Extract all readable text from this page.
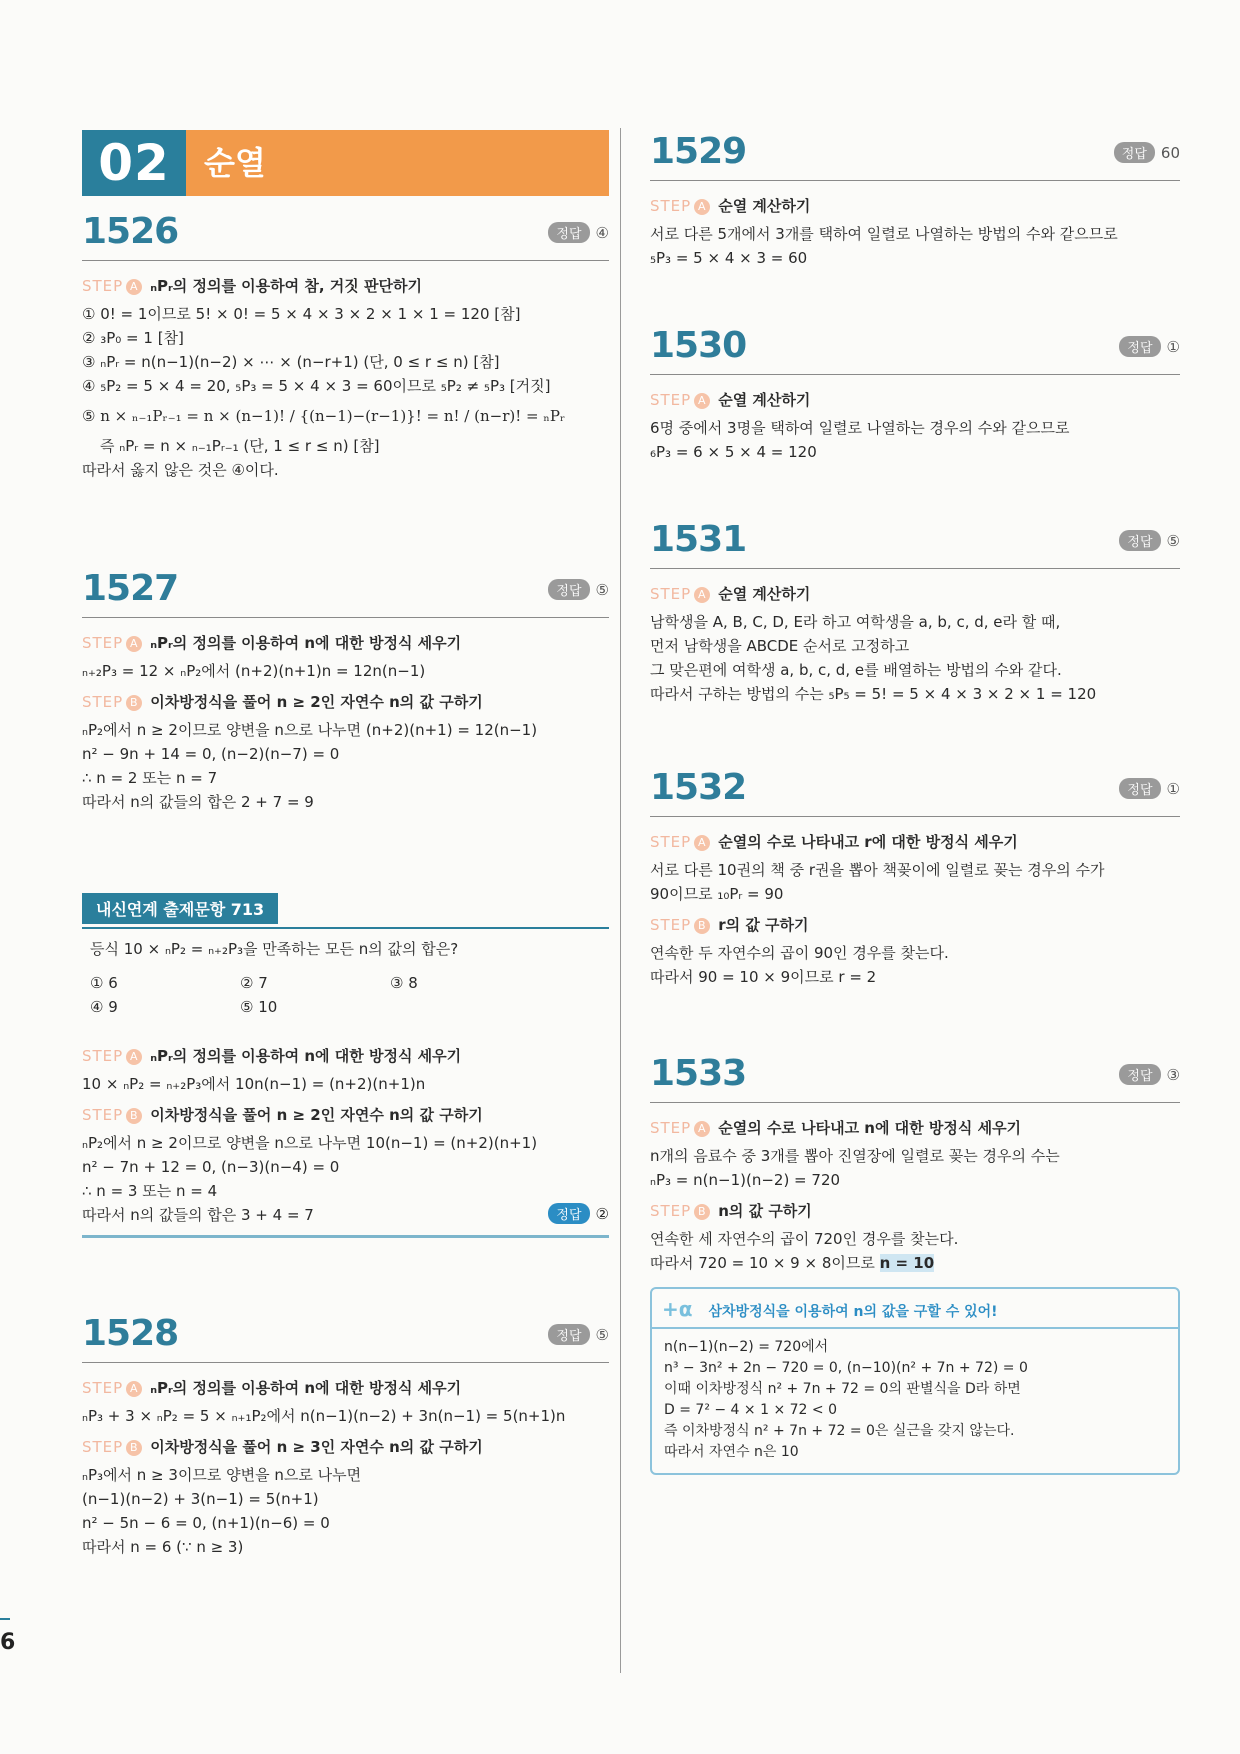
02	순열
1526	정답 ④
STEP A ₙPᵣ의 정의를 이용하여 참, 거짓 판단하기
① 0! = 1이므로 5! × 0! = 5 × 4 × 3 × 2 × 1 × 1 = 120 [참]
② ₃P₀ = 1 [참]
③ ₙPᵣ = n(n−1)(n−2) × ⋯ × (n−r+1) (단, 0 ≤ r ≤ n) [참]
④ ₅P₂ = 5 × 4 = 20, ₅P₃ = 5 × 4 × 3 = 60이므로 ₅P₂ ≠ ₅P₃ [거짓]
⑤ n × ₙ₋₁Pᵣ₋₁ = n × (n−1)! / {(n−1)−(r−1)}! = n! / (n−r)! = ₙPᵣ
즉 ₙPᵣ = n × ₙ₋₁Pᵣ₋₁ (단, 1 ≤ r ≤ n) [참]
따라서 옳지 않은 것은 ④이다.
1527	정답 ⑤
STEP A ₙPᵣ의 정의를 이용하여 n에 대한 방정식 세우기
ₙ₊₂P₃ = 12 × ₙP₂에서 (n+2)(n+1)n = 12n(n−1)
STEP B 이차방정식을 풀어 n ≥ 2인 자연수 n의 값 구하기
ₙP₂에서 n ≥ 2이므로 양변을 n으로 나누면 (n+2)(n+1) = 12(n−1)
n² − 9n + 14 = 0, (n−2)(n−7) = 0
∴ n = 2 또는 n = 7
따라서 n의 값들의 합은 2 + 7 = 9
내신연계 출제문항 713
등식 10 × ₙP₂ = ₙ₊₂P₃을 만족하는 모든 n의 값의 합은?
① 6	② 7	③ 8
④ 9	⑤ 10
STEP A ₙPᵣ의 정의를 이용하여 n에 대한 방정식 세우기
10 × ₙP₂ = ₙ₊₂P₃에서 10n(n−1) = (n+2)(n+1)n
STEP B 이차방정식을 풀어 n ≥ 2인 자연수 n의 값 구하기
ₙP₂에서 n ≥ 2이므로 양변을 n으로 나누면 10(n−1) = (n+2)(n+1)
n² − 7n + 12 = 0, (n−3)(n−4) = 0
∴ n = 3 또는 n = 4
따라서 n의 값들의 합은 3 + 4 = 7	정답 ②
1528	정답 ⑤
STEP A ₙPᵣ의 정의를 이용하여 n에 대한 방정식 세우기
ₙP₃ + 3 × ₙP₂ = 5 × ₙ₊₁P₂에서 n(n−1)(n−2) + 3n(n−1) = 5(n+1)n
STEP B 이차방정식을 풀어 n ≥ 3인 자연수 n의 값 구하기
ₙP₃에서 n ≥ 3이므로 양변을 n으로 나누면
(n−1)(n−2) + 3(n−1) = 5(n+1)
n² − 5n − 6 = 0, (n+1)(n−6) = 0
따라서 n = 6 (∵ n ≥ 3)
1529	정답 60
STEP A 순열 계산하기
서로 다른 5개에서 3개를 택하여 일렬로 나열하는 방법의 수와 같으므로
₅P₃ = 5 × 4 × 3 = 60
1530	정답 ①
STEP A 순열 계산하기
6명 중에서 3명을 택하여 일렬로 나열하는 경우의 수와 같으므로
₆P₃ = 6 × 5 × 4 = 120
1531	정답 ⑤
STEP A 순열 계산하기
남학생을 A, B, C, D, E라 하고 여학생을 a, b, c, d, e라 할 때,
먼저 남학생을 ABCDE 순서로 고정하고
그 맞은편에 여학생 a, b, c, d, e를 배열하는 방법의 수와 같다.
따라서 구하는 방법의 수는 ₅P₅ = 5! = 5 × 4 × 3 × 2 × 1 = 120
1532	정답 ①
STEP A 순열의 수로 나타내고 r에 대한 방정식 세우기
서로 다른 10권의 책 중 r권을 뽑아 책꽂이에 일렬로 꽂는 경우의 수가
90이므로 ₁₀Pᵣ = 90
STEP B r의 값 구하기
연속한 두 자연수의 곱이 90인 경우를 찾는다.
따라서 90 = 10 × 9이므로 r = 2
1533	정답 ③
STEP A 순열의 수로 나타내고 n에 대한 방정식 세우기
n개의 음료수 중 3개를 뽑아 진열장에 일렬로 꽂는 경우의 수는
ₙP₃ = n(n−1)(n−2) = 720
STEP B n의 값 구하기
연속한 세 자연수의 곱이 720인 경우를 찾는다.
따라서 720 = 10 × 9 × 8이므로 n = 10
+α 삼차방정식을 이용하여 n의 값을 구할 수 있어!
n(n−1)(n−2) = 720에서
n³ − 3n² + 2n − 720 = 0, (n−10)(n² + 7n + 72) = 0
이때 이차방정식 n² + 7n + 72 = 0의 판별식을 D라 하면
D = 7² − 4 × 1 × 72 < 0
즉 이차방정식 n² + 7n + 72 = 0은 실근을 갖지 않는다.
따라서 자연수 n은 10
6
